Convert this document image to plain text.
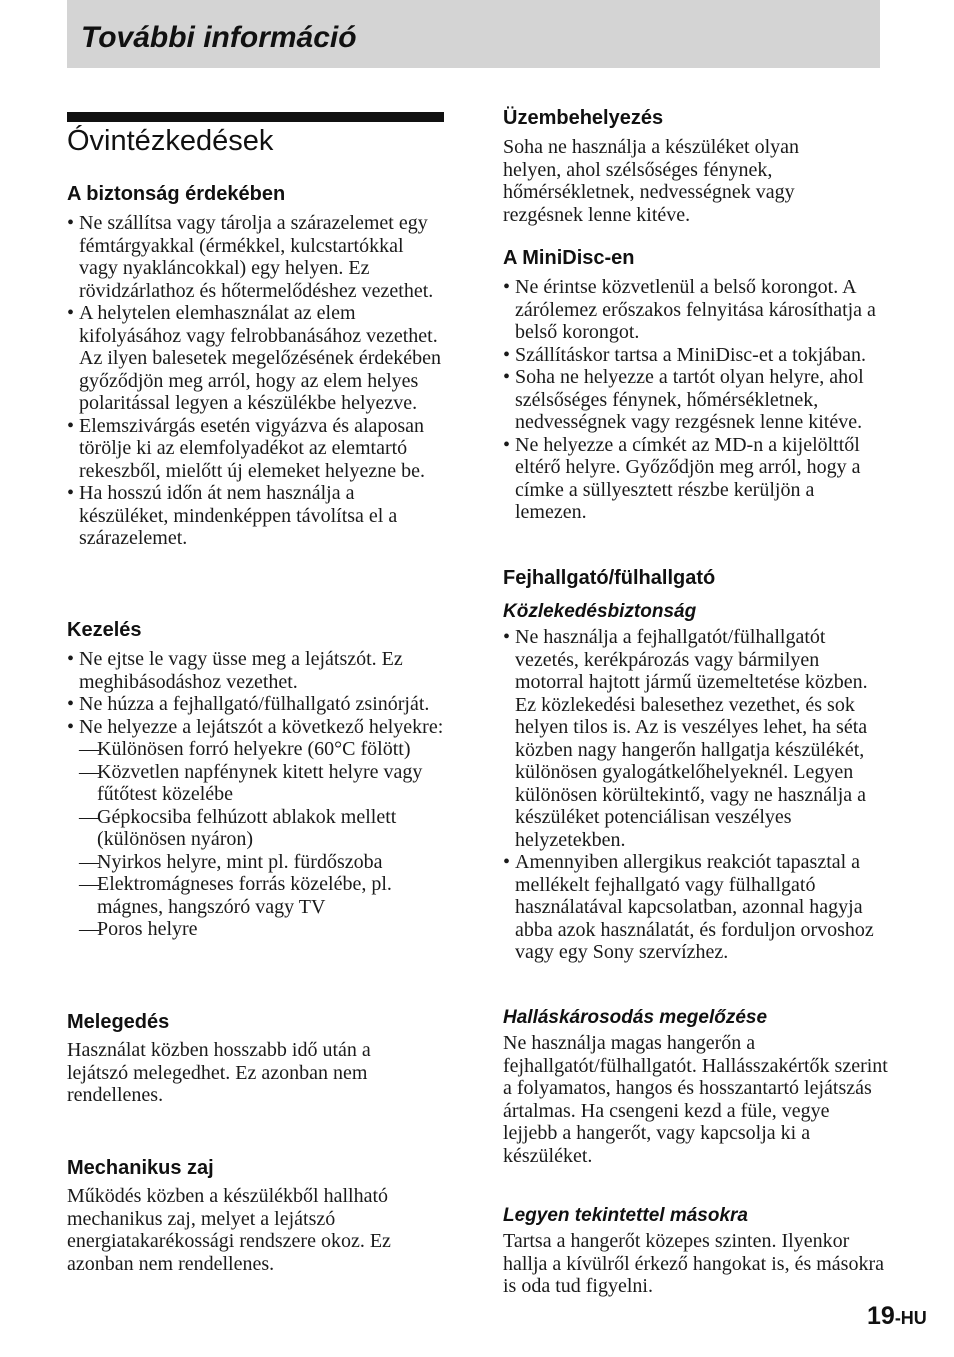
További információ
Óvintézkedések
A biztonság érdekében
• Ne szállítsa vagy tárolja a szárazelemet egy fémtárgyakkal (érmékkel, kulcstartókkal vagy nyakláncokkal) egy helyen. Ez rövidzárlathoz és hőtermelődéshez vezethet.
• A helytelen elemhasználat az elem kifolyásához vagy felrobbanásához vezethet. Az ilyen balesetek megelőzésének érdekében győződjön meg arról, hogy az elem helyes polaritással legyen a készülékbe helyezve.
• Elemszivárgás esetén vigyázva és alaposan törölje ki az elemfolyadékot az elemtartó rekeszből, mielőtt új elemeket helyezne be.
• Ha hosszú időn át nem használja a készüléket, mindenképpen távolítsa el a szárazelemet.
Kezelés
• Ne ejtse le vagy üsse meg a lejátszót. Ez meghibásodáshoz vezethet.
• Ne húzza a fejhallgató/fülhallgató zsinórját.
• Ne helyezze a lejátszót a következő helyekre:
— Különösen forró helyekre (60°C fölött)
— Közvetlen napfénynek kitett helyre vagy fűtőtest közelébe
— Gépkocsiba felhúzott ablakok mellett (különösen nyáron)
— Nyirkos helyre, mint pl. fürdőszoba
— Elektromágneses forrás közelébe, pl. mágnes, hangszóró vagy TV
— Poros helyre
Melegedés

Használat közben hosszabb idő után a lejátszó melegedhet. Ez azonban nem rendellenes.

Mechanikus zaj

Működés közben a készülékből hallható mechanikus zaj, melyet a lejátszó energiatakarékossági rendszere okoz. Ez azonban nem rendellenes.

Üzembehelyezés

Soha ne használja a készüléket olyan helyen, ahol szélsőséges fénynek, hőmérsékletnek, nedvességnek vagy rezgésnek lenne kitéve.

A MiniDisc-en
• Ne érintse közvetlenül a belső korongot. A zárólemez erőszakos felnyitása károsíthatja a belső korongot.
• Szállításkor tartsa a MiniDisc-et a tokjában.
• Soha ne helyezze a tartót olyan helyre, ahol szélsőséges fénynek, hőmérsékletnek, nedvességnek vagy rezgésnek lenne kitéve.
• Ne helyezze a címkét az MD-n a kijelölttől eltérő helyre. Győződjön meg arról, hogy a címke a süllyesztett részbe kerüljön a lemezen.
Fejhallgató/fülhallgató
Közlekedésbiztonság
• Ne használja a fejhallgatót/fülhallgatót vezetés, kerékpározás vagy bármilyen motorral hajtott jármű üzemeltetése közben. Ez közlekedési balesethez vezethet, és sok helyen tilos is. Az is veszélyes lehet, ha séta közben nagy hangerőn hallgatja készülékét, különösen gyalogátkelőhelyeknél. Legyen különösen körültekintő, vagy ne használja a készüléket potenciálisan veszélyes helyzetekben.
• Amennyiben allergikus reakciót tapasztal a mellékelt fejhallgató vagy fülhallgató használatával kapcsolatban, azonnal hagyja abba azok használatát, és forduljon orvoshoz vagy egy Sony szervízhez.
Halláskárosodás megelőzése

Ne használja magas hangerőn a fejhallgatót/fülhallgatót. Hallásszakértők szerint a folyamatos, hangos és hosszantartó lejátszás ártalmas. Ha csengeni kezd a füle, vegye lejjebb a hangerőt, vagy kapcsolja ki a készüléket.

Legyen tekintettel másokra

Tartsa a hangerőt közepes szinten. Ilyenkor hallja a kívülről érkező hangokat is, és másokra is oda tud figyelni.

19-HU
